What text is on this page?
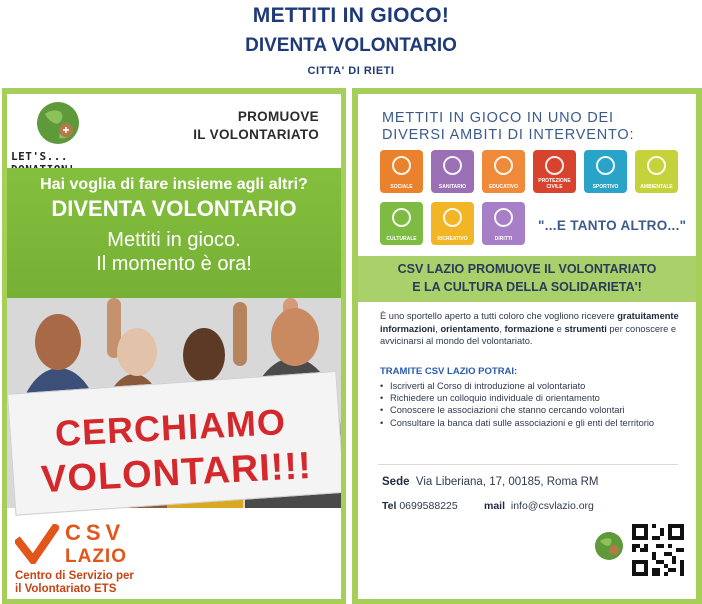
METTITI IN GIOCO!
DIVENTA VOLONTARIO
CITTA' DI RIETI
LET'S...
PROMUOVE
IL VOLONTARIATO
Hai voglia di fare insieme agli altri?
DIVENTA VOLONTARIO
Mettiti in gioco.
Il momento è ora!
CERCHIAMO
VOLONTARI!!!
CSV
LAZIO
Centro di Servizio per
il Volontariato ETS
METTITI IN GIOCO IN UNO DEI
DIVERSI AMBITI DI INTERVENTO:
SOCIALE	SANITARIO	EDUCATIVO
PROTEZIONE CIVILE	SPORTIVO	AMBIENTALE
CULTURALE	RICREATIVO	DIRITTI
"...E TANTO ALTRO..."
CSV LAZIO PROMUOVE IL VOLONTARIATO
E LA CULTURA DELLA SOLIDARIETA'!
È uno sportello aperto a tutti coloro che vogliono ricevere gratuitamente informazioni, orientamento, formazione e strumenti per conoscere e avvicinarsi al mondo del volontariato.
TRAMITE CSV LAZIO POTRAI:
• Iscriverti al Corso di introduzione al volontariato
• Richiedere un colloquio individuale di orientamento
• Conoscere le associazioni che stanno cercando volontari
• Consultare la banca dati sulle associazioni e gli enti del territorio
Sede Via Liberiana, 17, 00185, Roma RM
Tel 0699588225	mail info@csvlazio.org
